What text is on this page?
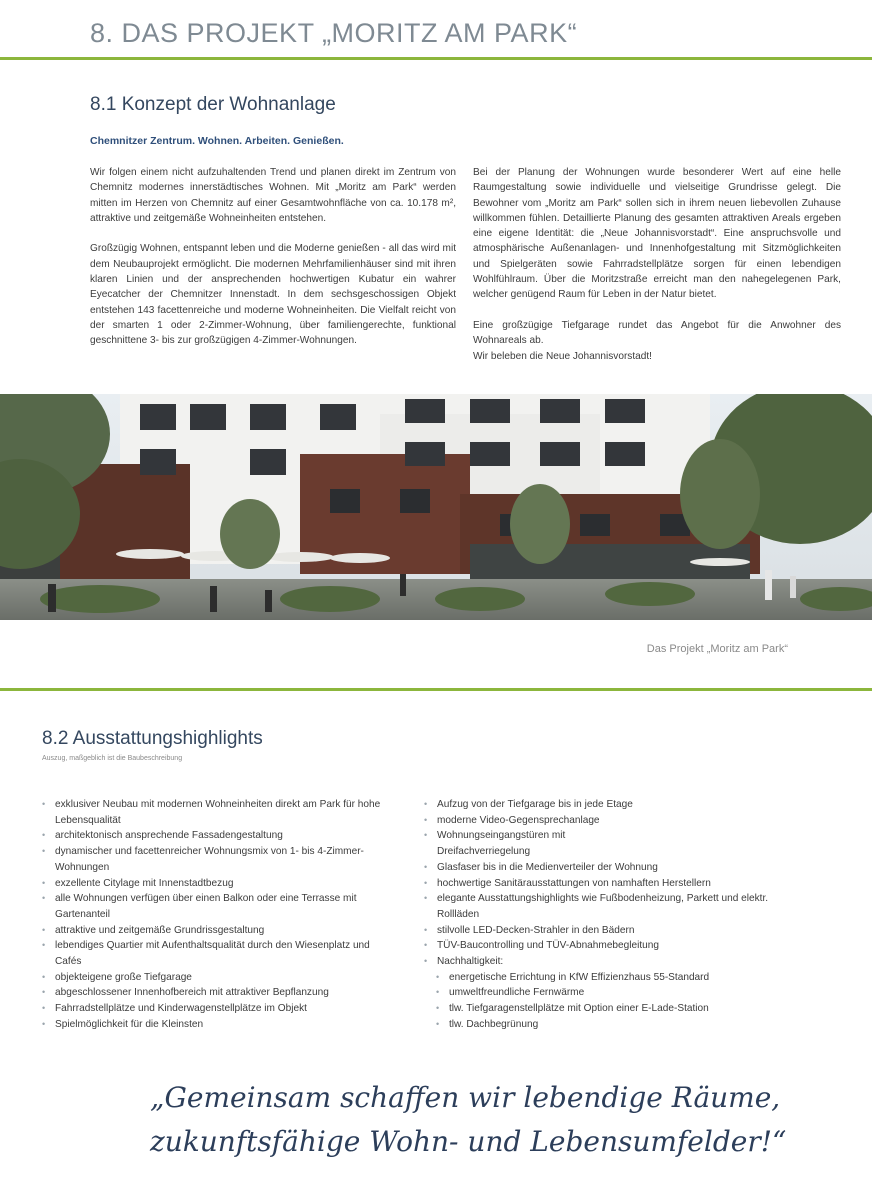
8. DAS PROJEKT „MORITZ AM PARK“
8.1 Konzept der Wohnanlage
Chemnitzer Zentrum. Wohnen. Arbeiten. Genießen.

Wir folgen einem nicht aufzuhaltenden Trend und planen direkt im Zentrum von Chemnitz modernes innerstädtisches Wohnen. Mit „Moritz am Park“ werden mitten im Herzen von Chemnitz auf einer Gesamtwohnfläche von ca. 10.178 m², attraktive und zeitgemäße Wohneinheiten entstehen.

Großzügig Wohnen, entspannt leben und die Moderne genießen - all das wird mit dem Neubauprojekt ermöglicht. Die modernen Mehrfamilienhäuser sind mit ihren klaren Linien und der ansprechenden hochwertigen Kubatur ein wahrer Eyecatcher der Chemnitzer Innenstadt. In dem sechsgeschossigen Objekt entstehen 143 facettenreiche und moderne Wohneinheiten. Die Vielfalt reicht von der smarten 1 oder 2-Zimmer-Wohnung, über familiengerechte, funktional geschnittene 3- bis zur großzügigen 4-Zimmer-Wohnungen.

Bei der Planung der Wohnungen wurde besonderer Wert auf eine helle Raumgestaltung sowie individuelle und vielseitige Grundrisse gelegt. Die Bewohner vom „Moritz am Park“ sollen sich in ihrem neuen liebevollen Zuhause willkommen fühlen. Detaillierte Planung des gesamten attraktiven Areals ergeben eine eigene Identität: die „Neue Johannisvorstadt“. Eine anspruchsvolle und atmosphärische Außenanlagen- und Innenhofgestaltung mit Sitzmöglichkeiten und Spielgeräten sowie Fahrradstellplätze sorgen für einen lebendigen Wohlfühlraum. Über die Moritzstraße erreicht man den nahegelegenen Park, welcher genügend Raum für Leben in der Natur bietet.

Eine großzügige Tiefgarage rundet das Angebot für die Anwohner des Wohnareals ab.

Wir beleben die Neue Johannisvorstadt!

Das Projekt „Moritz am Park“
8.2 Ausstattungshighlights
Auszug, maßgeblich ist die Baubeschreibung
• exklusiver Neubau mit modernen Wohneinheiten direkt am Park für hohe Lebensqualität
• architektonisch ansprechende Fassadengestaltung
• dynamischer und facettenreicher Wohnungsmix von 1- bis 4-Zimmer-Wohnungen
• exzellente Citylage mit Innenstadtbezug
• alle Wohnungen verfügen über einen Balkon oder eine Terrasse mit Gartenanteil
• attraktive und zeitgemäße Grundrissgestaltung
• lebendiges Quartier mit Aufenthaltsqualität durch den Wiesenplatz und Cafés
• objekteigene große Tiefgarage
• abgeschlossener Innenhofbereich mit attraktiver Bepflanzung
• Fahrradstellplätze und Kinderwagenstellplätze im Objekt
• Spielmöglichkeit für die Kleinsten
• Aufzug von der Tiefgarage bis in jede Etage
• moderne Video-Gegensprechanlage
• Wohnungseingangstüren mit Dreifachverriegelung
• Glasfaser bis in die Medienverteiler der Wohnung
• hochwertige Sanitärausstattungen von namhaften Herstellern
• elegante Ausstattungshighlights wie Fußbodenheizung, Parkett und elektr. Rollläden
• stilvolle LED-Decken-Strahler in den Bädern
• TÜV-Baucontrolling und TÜV-Abnahmebegleitung
• Nachhaltigkeit:
• energetische Errichtung in KfW Effizienzhaus 55-Standard
• umweltfreundliche Fernwärme
• tlw. Tiefgaragenstellplätze mit Option einer E-Lade-Station
• tlw. Dachbegrünung
„Gemeinsam schaffen wir lebendige Räume,
zukunftsfähige Wohn- und Lebensumfelder!“
